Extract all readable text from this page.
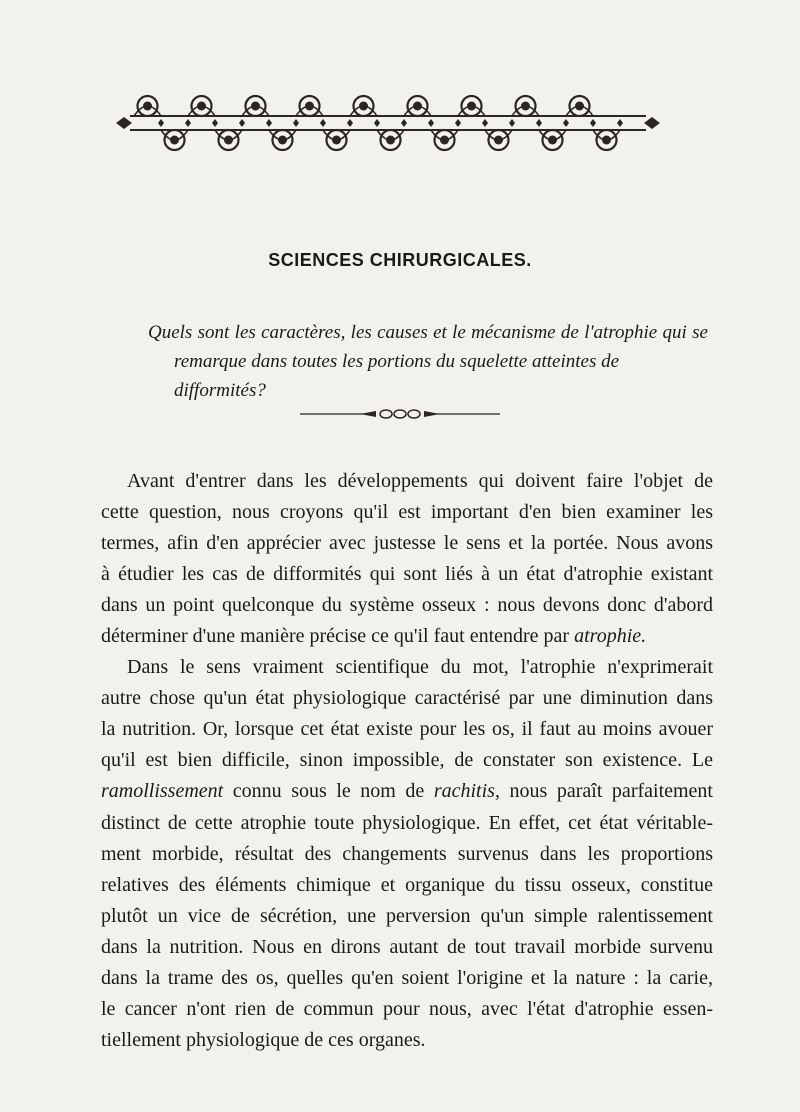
SCIENCES CHIRURGICALES.

Quels sont les caractères, les causes et le mécanisme de l'atrophie qui se
remarque dans toutes les portions du squelette atteintes de difformités?

Avant d'entrer dans les développements qui doivent faire l'objet de
cette question, nous croyons qu'il est important d'en bien examiner les
termes, afin d'en apprécier avec justesse le sens et la portée. Nous avons
à étudier les cas de difformités qui sont liés à un état d'atrophie existant
dans un point quelconque du système osseux : nous devons donc d'abord
déterminer d'une manière précise ce qu'il faut entendre par atrophie.
Dans le sens vraiment scientifique du mot, l'atrophie n'exprimerait
autre chose qu'un état physiologique caractérisé par une diminution dans
la nutrition. Or, lorsque cet état existe pour les os, il faut au moins avouer
qu'il est bien difficile, sinon impossible, de constater son existence. Le
ramollissement connu sous le nom de rachitis, nous paraît parfaitement
distinct de cette atrophie toute physiologique. En effet, cet état véritable-
ment morbide, résultat des changements survenus dans les proportions
relatives des éléments chimique et organique du tissu osseux, constitue
plutôt un vice de sécrétion, une perversion qu'un simple ralentissement
dans la nutrition. Nous en dirons autant de tout travail morbide survenu
dans la trame des os, quelles qu'en soient l'origine et la nature : la carie,
le cancer n'ont rien de commun pour nous, avec l'état d'atrophie essen-
tiellement physiologique de ces organes.
